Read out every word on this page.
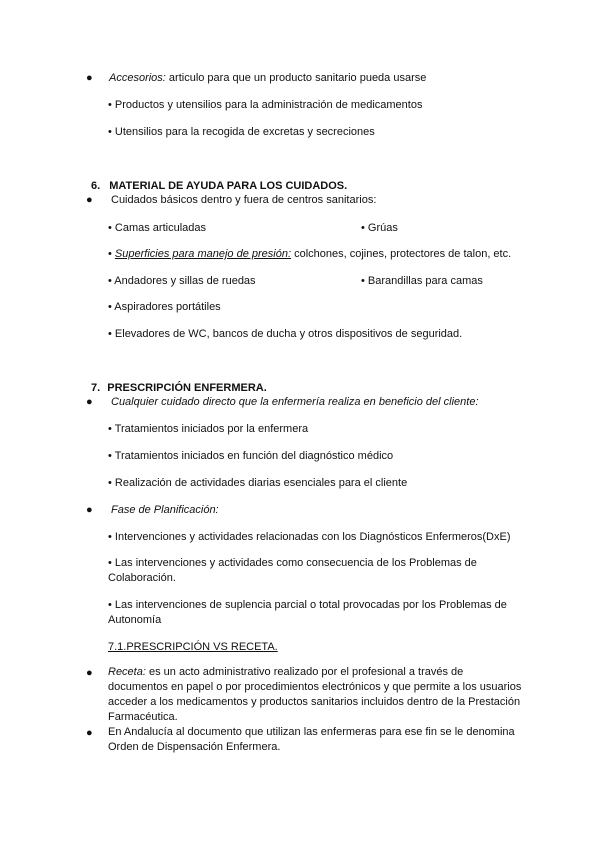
● Accesorios: articulo para que un producto sanitario pueda usarse
• Productos y utensilios para la administración de medicamentos
• Utensilios para la recogida de excretas y secreciones
6. MATERIAL DE AYUDA PARA LOS CUIDADOS.
● Cuidados básicos dentro y fuera de centros sanitarios:
• Camas articuladas	• Grúas
• Superficies para manejo de presión: colchones, cojines, protectores de talon, etc.
• Andadores y sillas de ruedas	• Barandillas para camas
• Aspiradores portátiles
• Elevadores de WC, bancos de ducha y otros dispositivos de seguridad.
7. PRESCRIPCIÓN ENFERMERA.
● Cualquier cuidado directo que la enfermería realiza en beneficio del cliente:
• Tratamientos iniciados por la enfermera
• Tratamientos iniciados en función del diagnóstico médico
• Realización de actividades diarias esenciales para el cliente
● Fase de Planificación:
• Intervenciones y actividades relacionadas con los Diagnósticos Enfermeros(DxE)
• Las intervenciones y actividades como consecuencia de los Problemas de Colaboración.
• Las intervenciones de suplencia parcial o total provocadas por los Problemas de Autonomía
7.1.PRESCRIPCIÓN VS RECETA.
● Receta: es un acto administrativo realizado por el profesional a través de documentos en papel o por procedimientos electrónicos y que permite a los usuarios acceder a los medicamentos y productos sanitarios incluidos dentro de la Prestación Farmacéutica.
● En Andalucía al documento que utilizan las enfermeras para ese fin se le denomina Orden de Dispensación Enfermera.
